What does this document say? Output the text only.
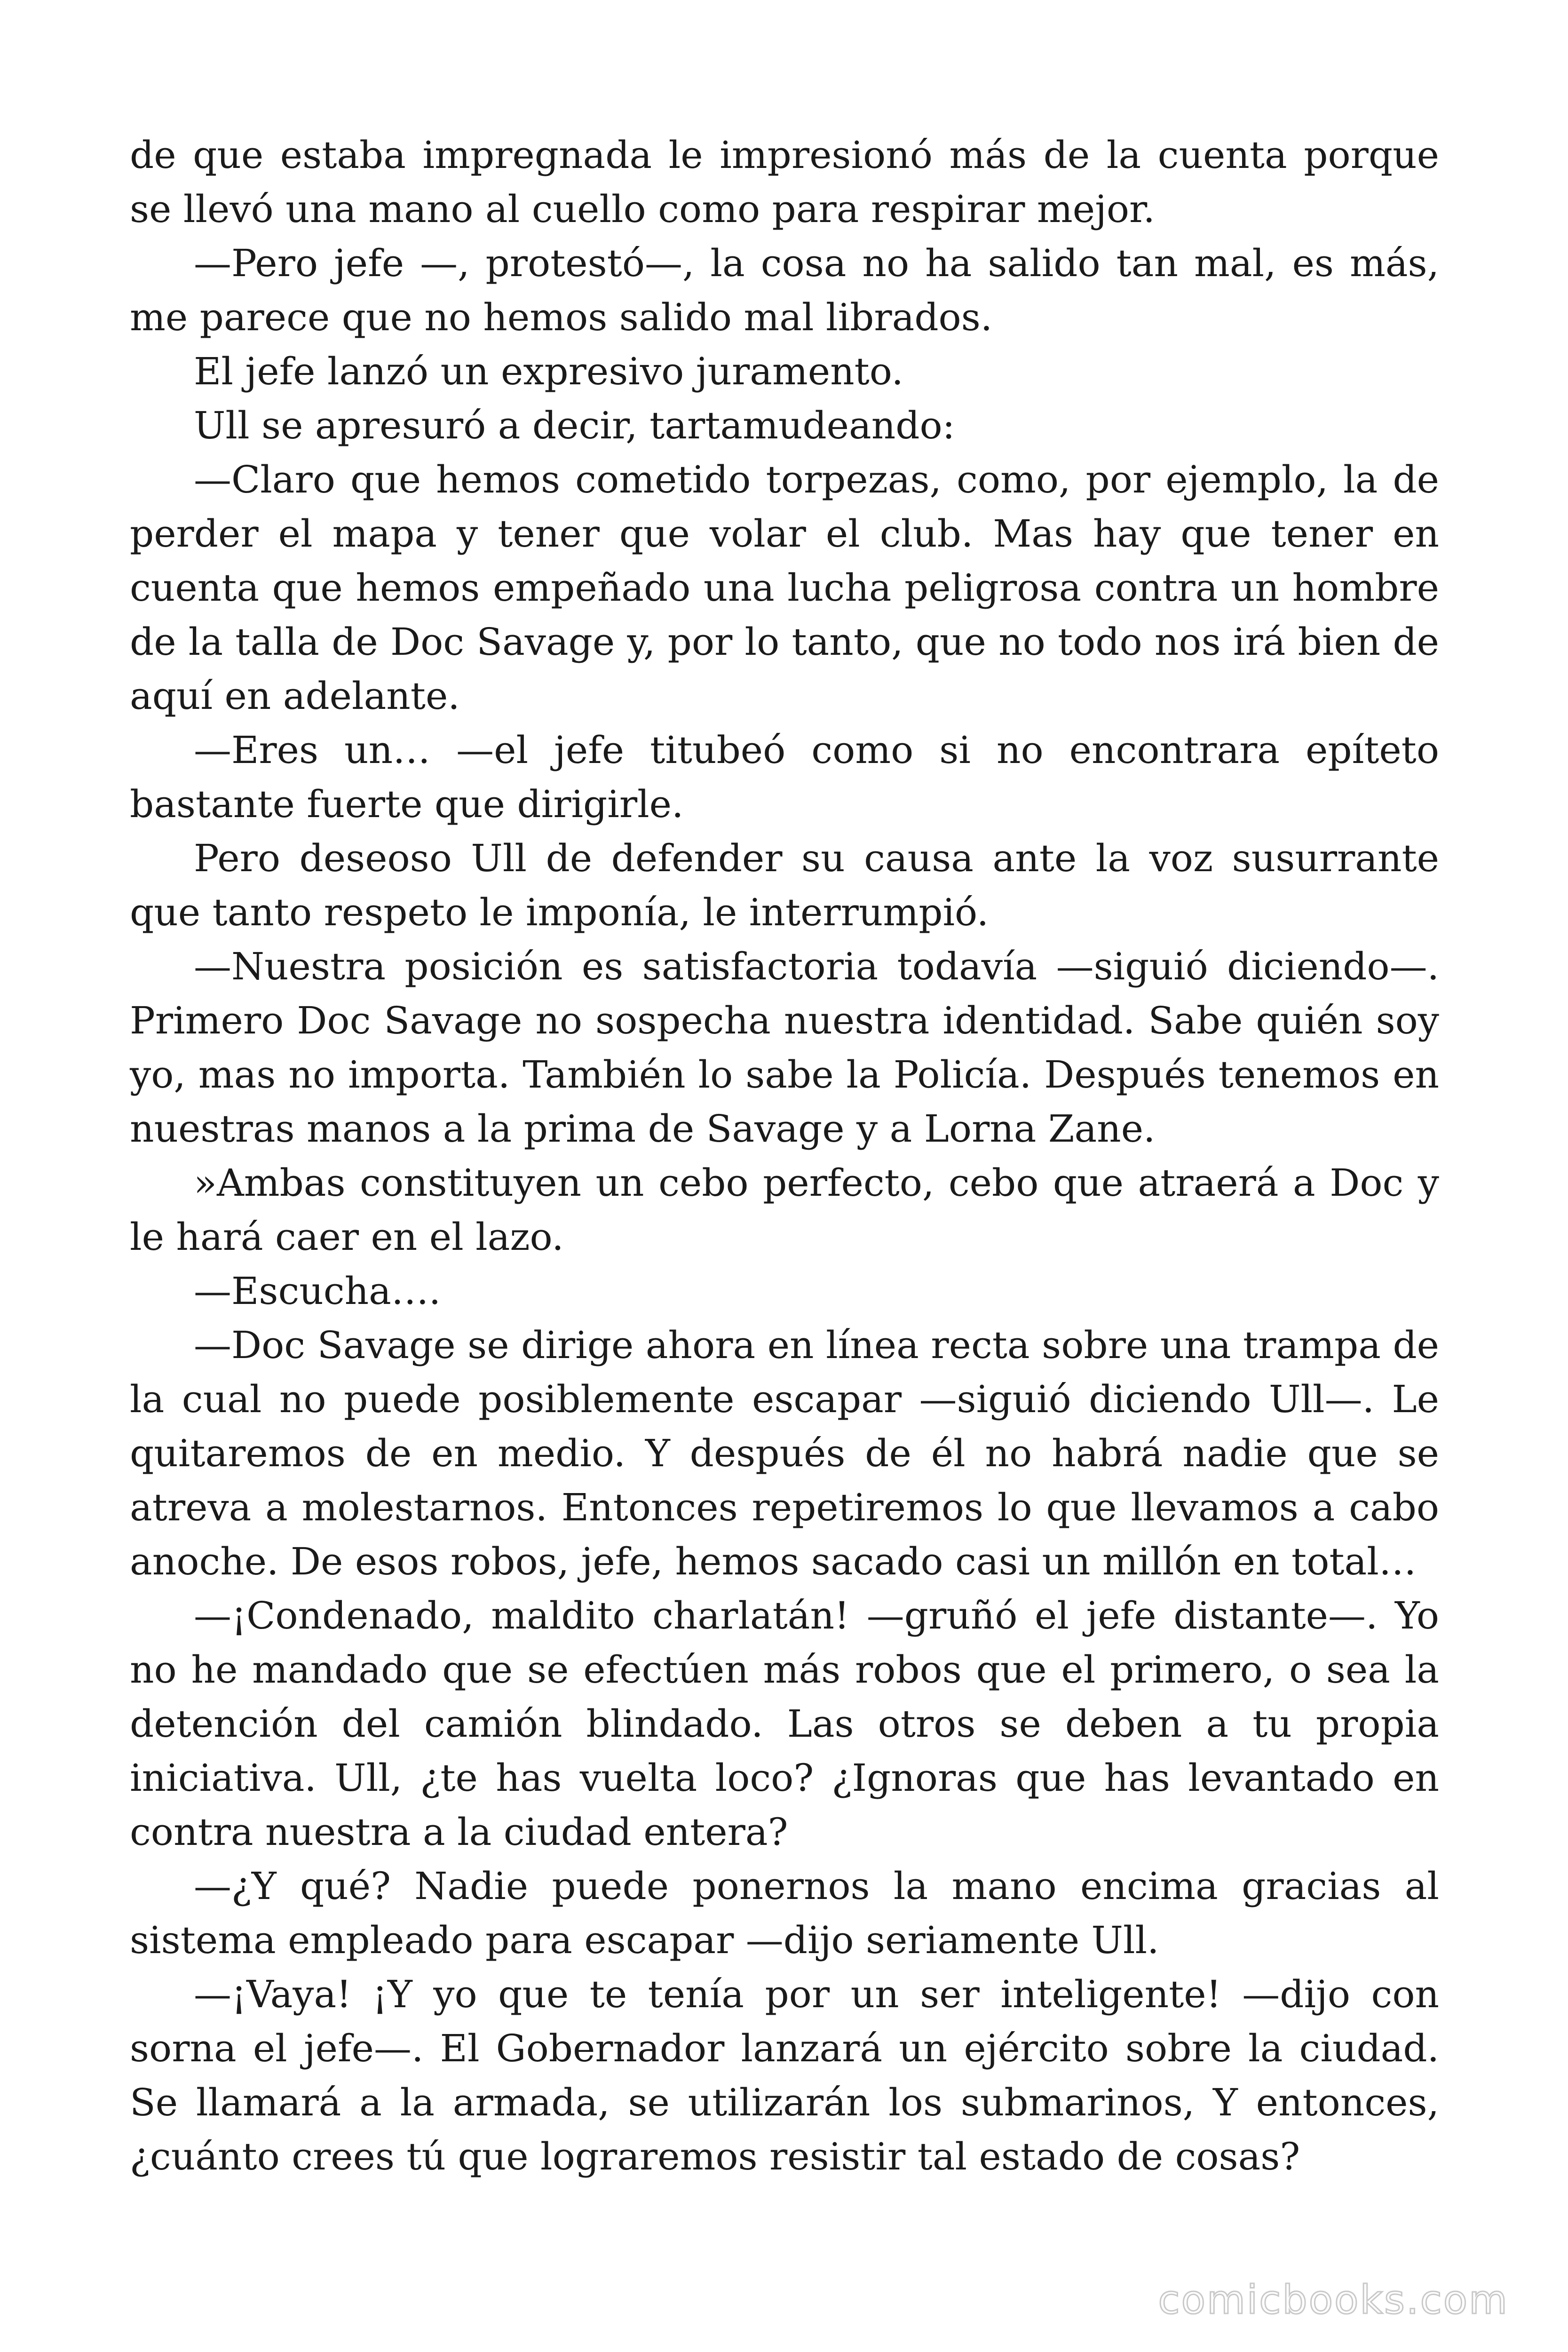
de que estaba impregnada le impresionó más de la cuenta porque se llevó una mano al cuello como para respirar mejor.

—Pero jefe —, protestó—, la cosa no ha salido tan mal, es más, me parece que no hemos salido mal librados.

El jefe lanzó un expresivo juramento.

Ull se apresuró a decir, tartamudeando:

—Claro que hemos cometido torpezas, como, por ejemplo, la de perder el mapa y tener que volar el club. Mas hay que tener en cuenta que hemos empeñado una lucha peligrosa contra un hombre de la talla de Doc Savage y, por lo tanto, que no todo nos irá bien de aquí en adelante.

—Eres un… —el jefe titubeó como si no encontrara epíteto bastante fuerte que dirigirle.

Pero deseoso Ull de defender su causa ante la voz susurrante que tanto respeto le imponía, le interrumpió.

—Nuestra posición es satisfactoria todavía —siguió diciendo—. Primero Doc Savage no sospecha nuestra identidad. Sabe quién soy yo, mas no importa. También lo sabe la Policía. Después tenemos en nuestras manos a la prima de Savage y a Lorna Zane.

»Ambas constituyen un cebo perfecto, cebo que atraerá a Doc y le hará caer en el lazo.

—Escucha….

—Doc Savage se dirige ahora en línea recta sobre una trampa de la cual no puede posiblemente escapar —siguió diciendo Ull—. Le quitaremos de en medio. Y después de él no habrá nadie que se atreva a molestarnos. Entonces repetiremos lo que llevamos a cabo anoche. De esos robos, jefe, hemos sacado casi un millón en total…

—¡Condenado, maldito charlatán! —gruñó el jefe distante—. Yo no he mandado que se efectúen más robos que el primero, o sea la detención del camión blindado. Las otros se deben a tu propia iniciativa. Ull, ¿te has vuelta loco? ¿Ignoras que has levantado en contra nuestra a la ciudad entera?

—¿Y qué? Nadie puede ponernos la mano encima gracias al sistema empleado para escapar —dijo seriamente Ull.

—¡Vaya! ¡Y yo que te tenía por un ser inteligente! —dijo con sorna el jefe—. El Gobernador lanzará un ejército sobre la ciudad. Se llamará a la armada, se utilizarán los submarinos, Y entonces, ¿cuánto crees tú que lograremos resistir tal estado de cosas?

comicbooks.com
